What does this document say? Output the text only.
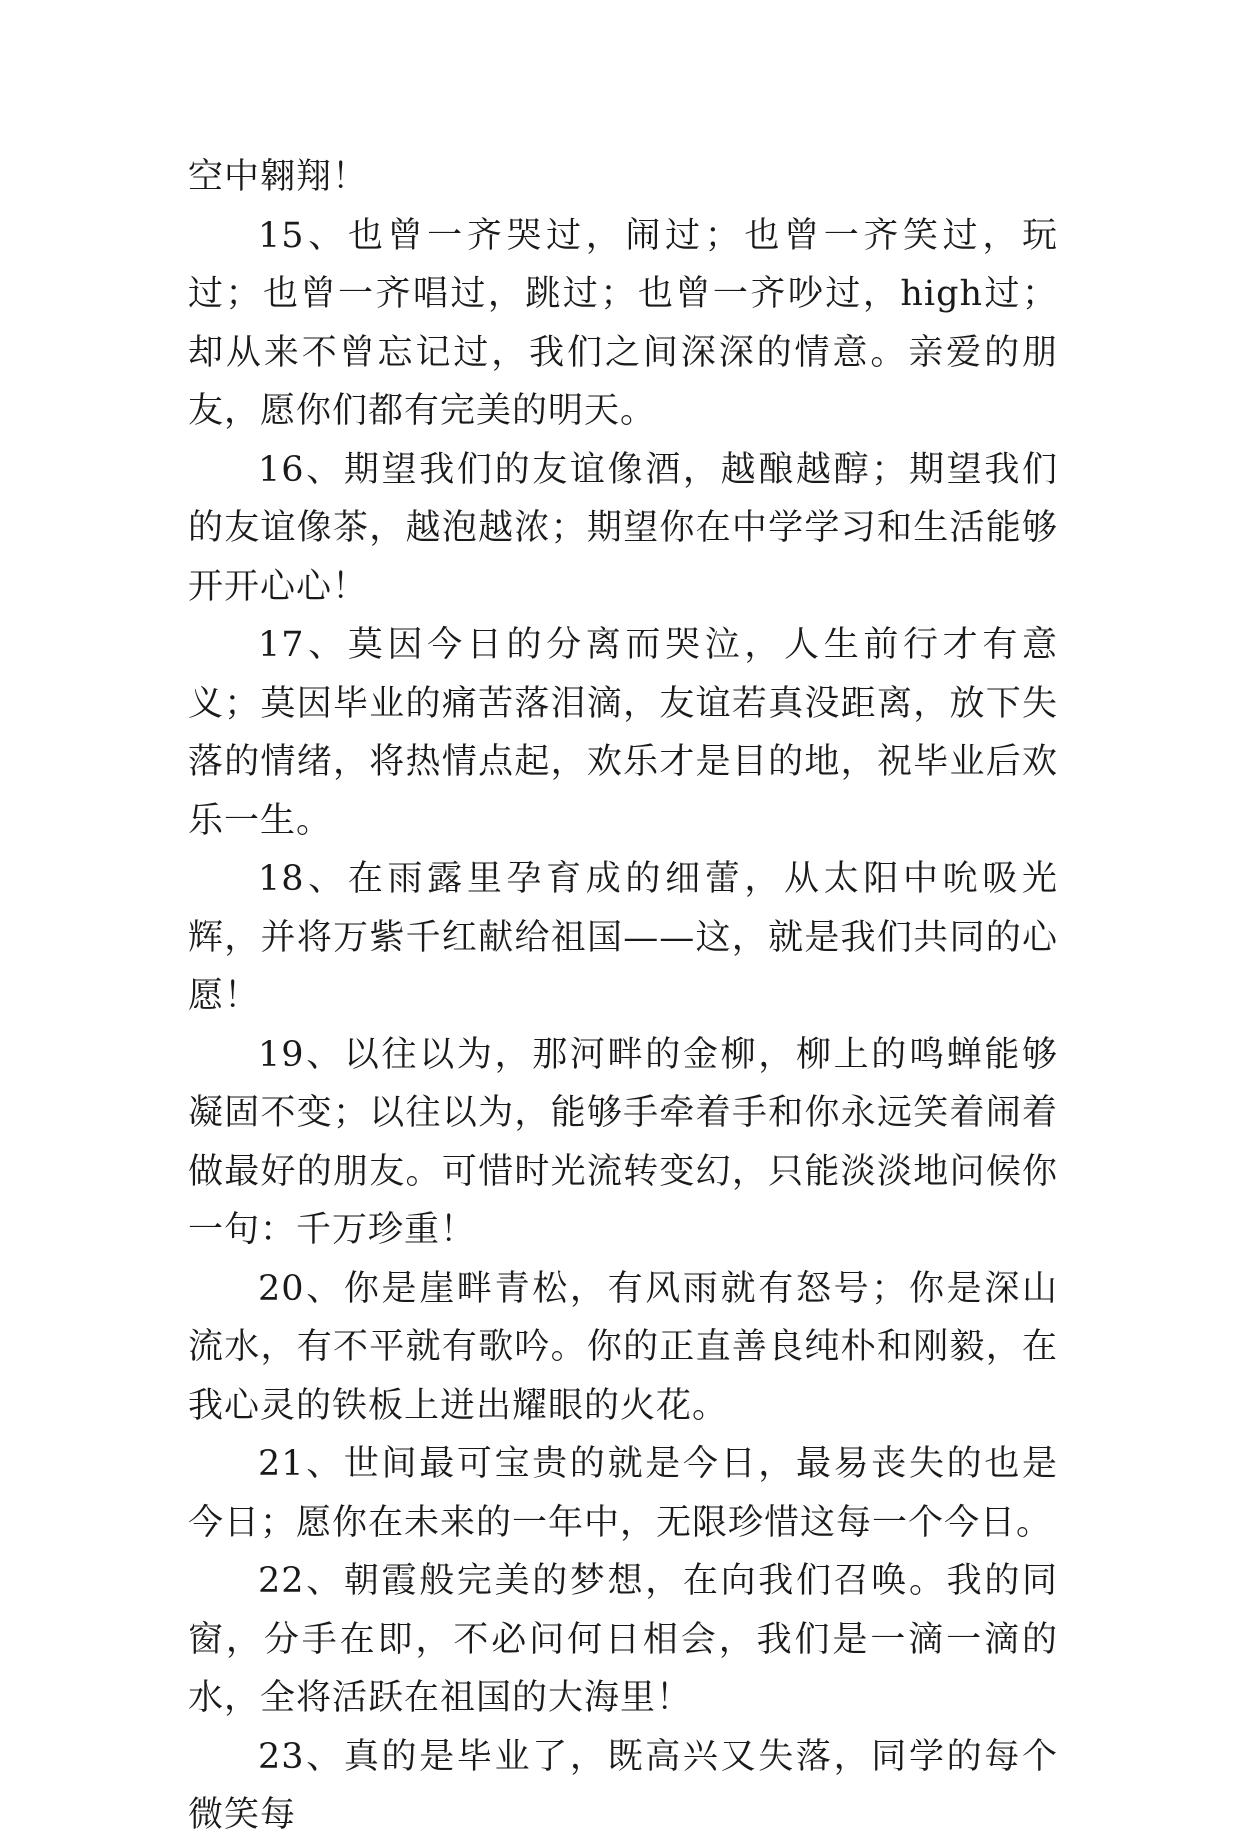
空中翱翔！

15、也曾一齐哭过，闹过；也曾一齐笑过，玩过；也曾一齐唱过，跳过；也曾一齐吵过，high过；却从来不曾忘记过，我们之间深深的情意。亲爱的朋友，愿你们都有完美的明天。

16、期望我们的友谊像酒，越酿越醇；期望我们的友谊像茶，越泡越浓；期望你在中学学习和生活能够开开心心！

17、莫因今日的分离而哭泣，人生前行才有意义；莫因毕业的痛苦落泪滴，友谊若真没距离，放下失落的情绪，将热情点起，欢乐才是目的地，祝毕业后欢乐一生。

18、在雨露里孕育成的细蕾，从太阳中吮吸光辉，并将万紫千红献给祖国——这，就是我们共同的心愿！

19、以往以为，那河畔的金柳，柳上的鸣蝉能够凝固不变；以往以为，能够手牵着手和你永远笑着闹着做最好的朋友。可惜时光流转变幻，只能淡淡地问候你一句：千万珍重！

20、你是崖畔青松，有风雨就有怒号；你是深山流水，有不平就有歌吟。你的正直善良纯朴和刚毅，在我心灵的铁板上迸出耀眼的火花。

21、世间最可宝贵的就是今日，最易丧失的也是今日；愿你在未来的一年中，无限珍惜这每一个今日。

22、朝霞般完美的梦想，在向我们召唤。我的同窗，分手在即，不必问何日相会，我们是一滴一滴的水，全将活跃在祖国的大海里！

23、真的是毕业了，既高兴又失落，同学的每个微笑每
